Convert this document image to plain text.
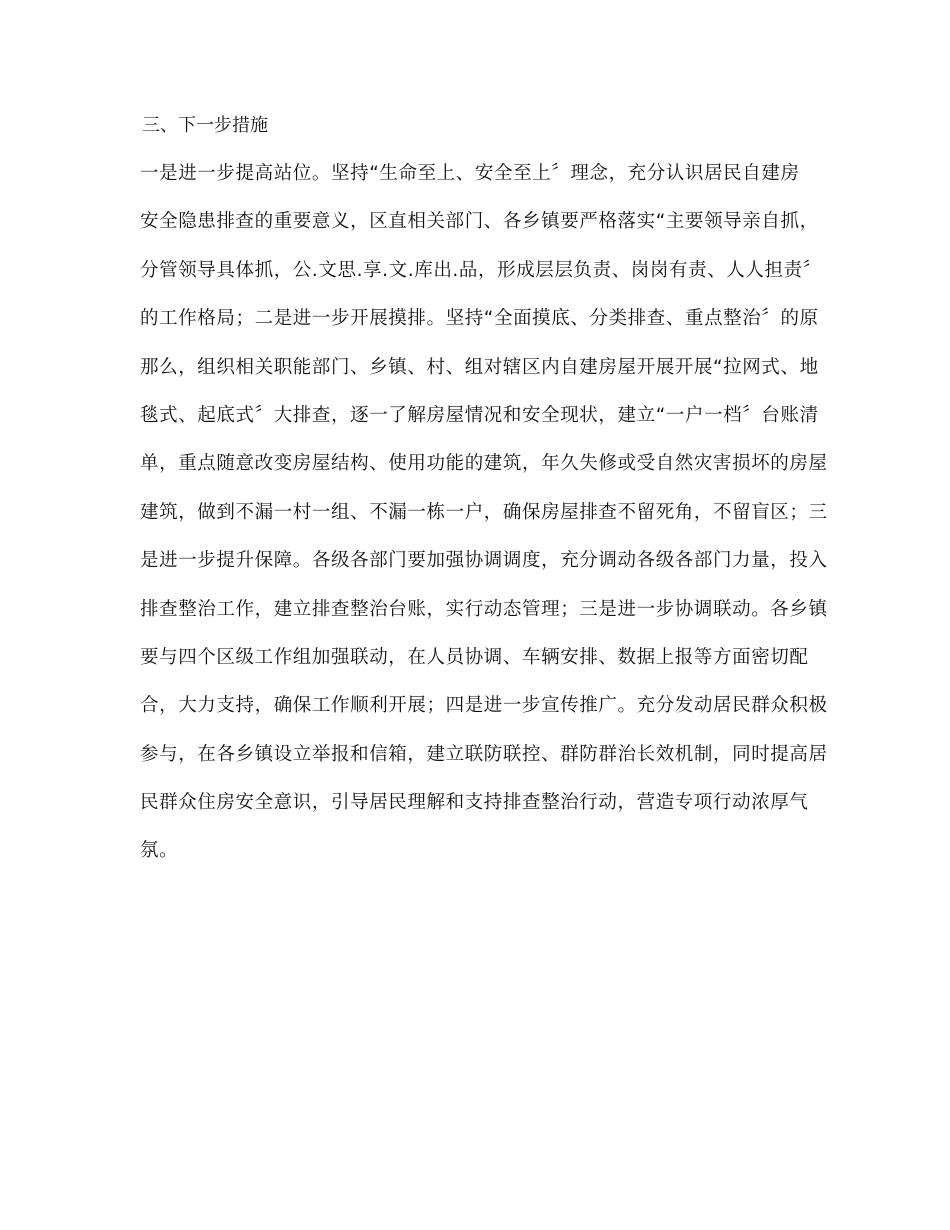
三、下一步措施
一是进一步提高站位。坚持“生命至上、安全至上〞理念，充分认识居民自建房
安全隐患排查的重要意义，区直相关部门、各乡镇要严格落实“主要领导亲自抓，
分管领导具体抓，公.文思.享.文.库出.品，形成层层负责、岗岗有责、人人担责〞
的工作格局；二是进一步开展摸排。坚持“全面摸底、分类排查、重点整治〞的原
那么，组织相关职能部门、乡镇、村、组对辖区内自建房屋开展开展“拉网式、地
毯式、起底式〞大排查，逐一了解房屋情况和安全现状，建立“一户一档〞台账清
单，重点随意改变房屋结构、使用功能的建筑，年久失修或受自然灾害损坏的房屋
建筑，做到不漏一村一组、不漏一栋一户，确保房屋排查不留死角，不留盲区；三
是进一步提升保障。各级各部门要加强协调调度，充分调动各级各部门力量，投入
排查整治工作，建立排查整治台账，实行动态管理；三是进一步协调联动。各乡镇
要与四个区级工作组加强联动，在人员协调、车辆安排、数据上报等方面密切配
合，大力支持，确保工作顺利开展；四是进一步宣传推广。充分发动居民群众积极
参与，在各乡镇设立举报和信箱，建立联防联控、群防群治长效机制，同时提高居
民群众住房安全意识，引导居民理解和支持排查整治行动，营造专项行动浓厚气
氛。
